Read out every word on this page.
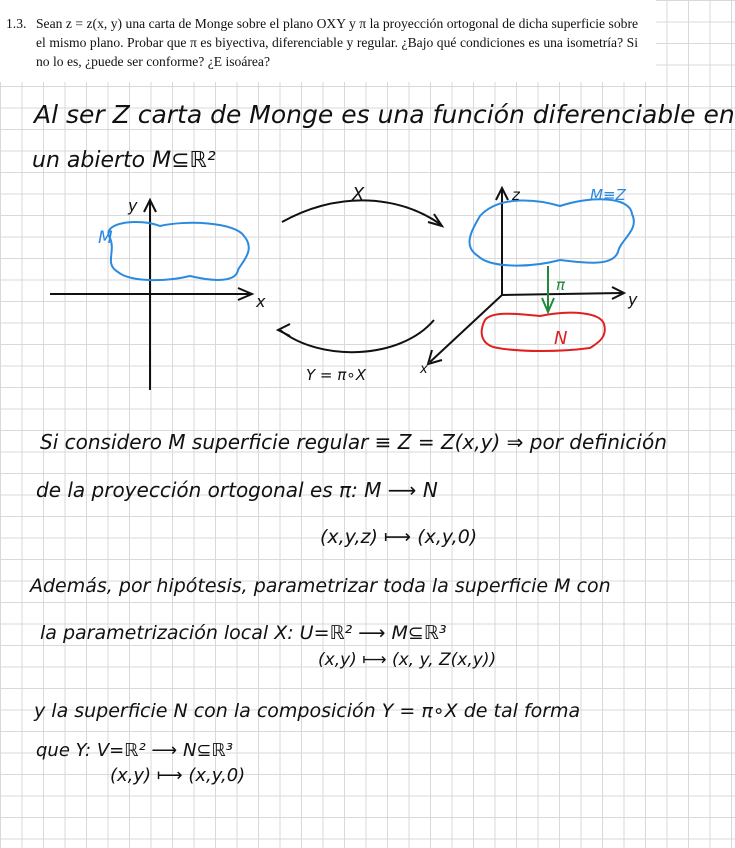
1.3. Sean z = z(x, y) una carta de Monge sobre el plano OXY y π la proyección ortogonal de dicha superficie sobre el mismo plano. Probar que π es biyectiva, diferenciable y regular. ¿Bajo qué condiciones es una isometría? Si no lo es, ¿puede ser conforme? ¿E isoárea?
Al ser Z carta de Monge es una función diferenciable en
un abierto M⊆ℝ²
y
x
M
X
Y = π∘X
z
y
x
M≡Z
π
N
Si considero M superficie regular ≡ Z = Z(x,y) ⇒ por definición
de la proyección ortogonal es π: M ⟶ N
(x,y,z) ⟼ (x,y,0)
Además, por hipótesis, parametrizar toda la superficie M con
la parametrización local X: U=ℝ² ⟶ M⊆ℝ³
(x,y) ⟼ (x, y, Z(x,y))
y la superficie N con la composición Y = π∘X de tal forma
que Y: V=ℝ² ⟶ N⊆ℝ³
(x,y) ⟼ (x,y,0)
